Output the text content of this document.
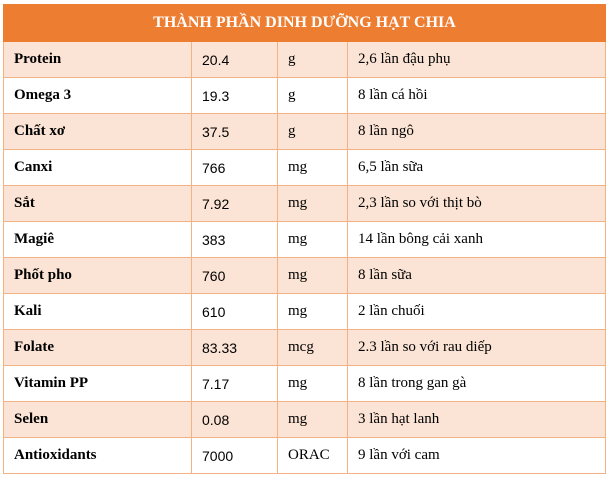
THÀNH PHẦN DINH DƯỠNG HẠT CHIA			
Protein	20.4	g	2,6 lần đậu phụ
Omega 3	19.3	g	8 lần cá hồi
Chất xơ	37.5	g	8 lần ngô
Canxi	766	mg	6,5 lần sữa
Sắt	7.92	mg	2,3 lần so với thịt bò
Magiê	383	mg	14 lần bông cải xanh
Phốt pho	760	mg	8 lần sữa
Kali	610	mg	2 lần chuối
Folate	83.33	mcg	2.3 lần so với rau diếp
Vitamin PP	7.17	mg	8 lần trong gan gà
Selen	0.08	mg	3 lần hạt lanh
Antioxidants	7000	ORAC	9 lần với cam
